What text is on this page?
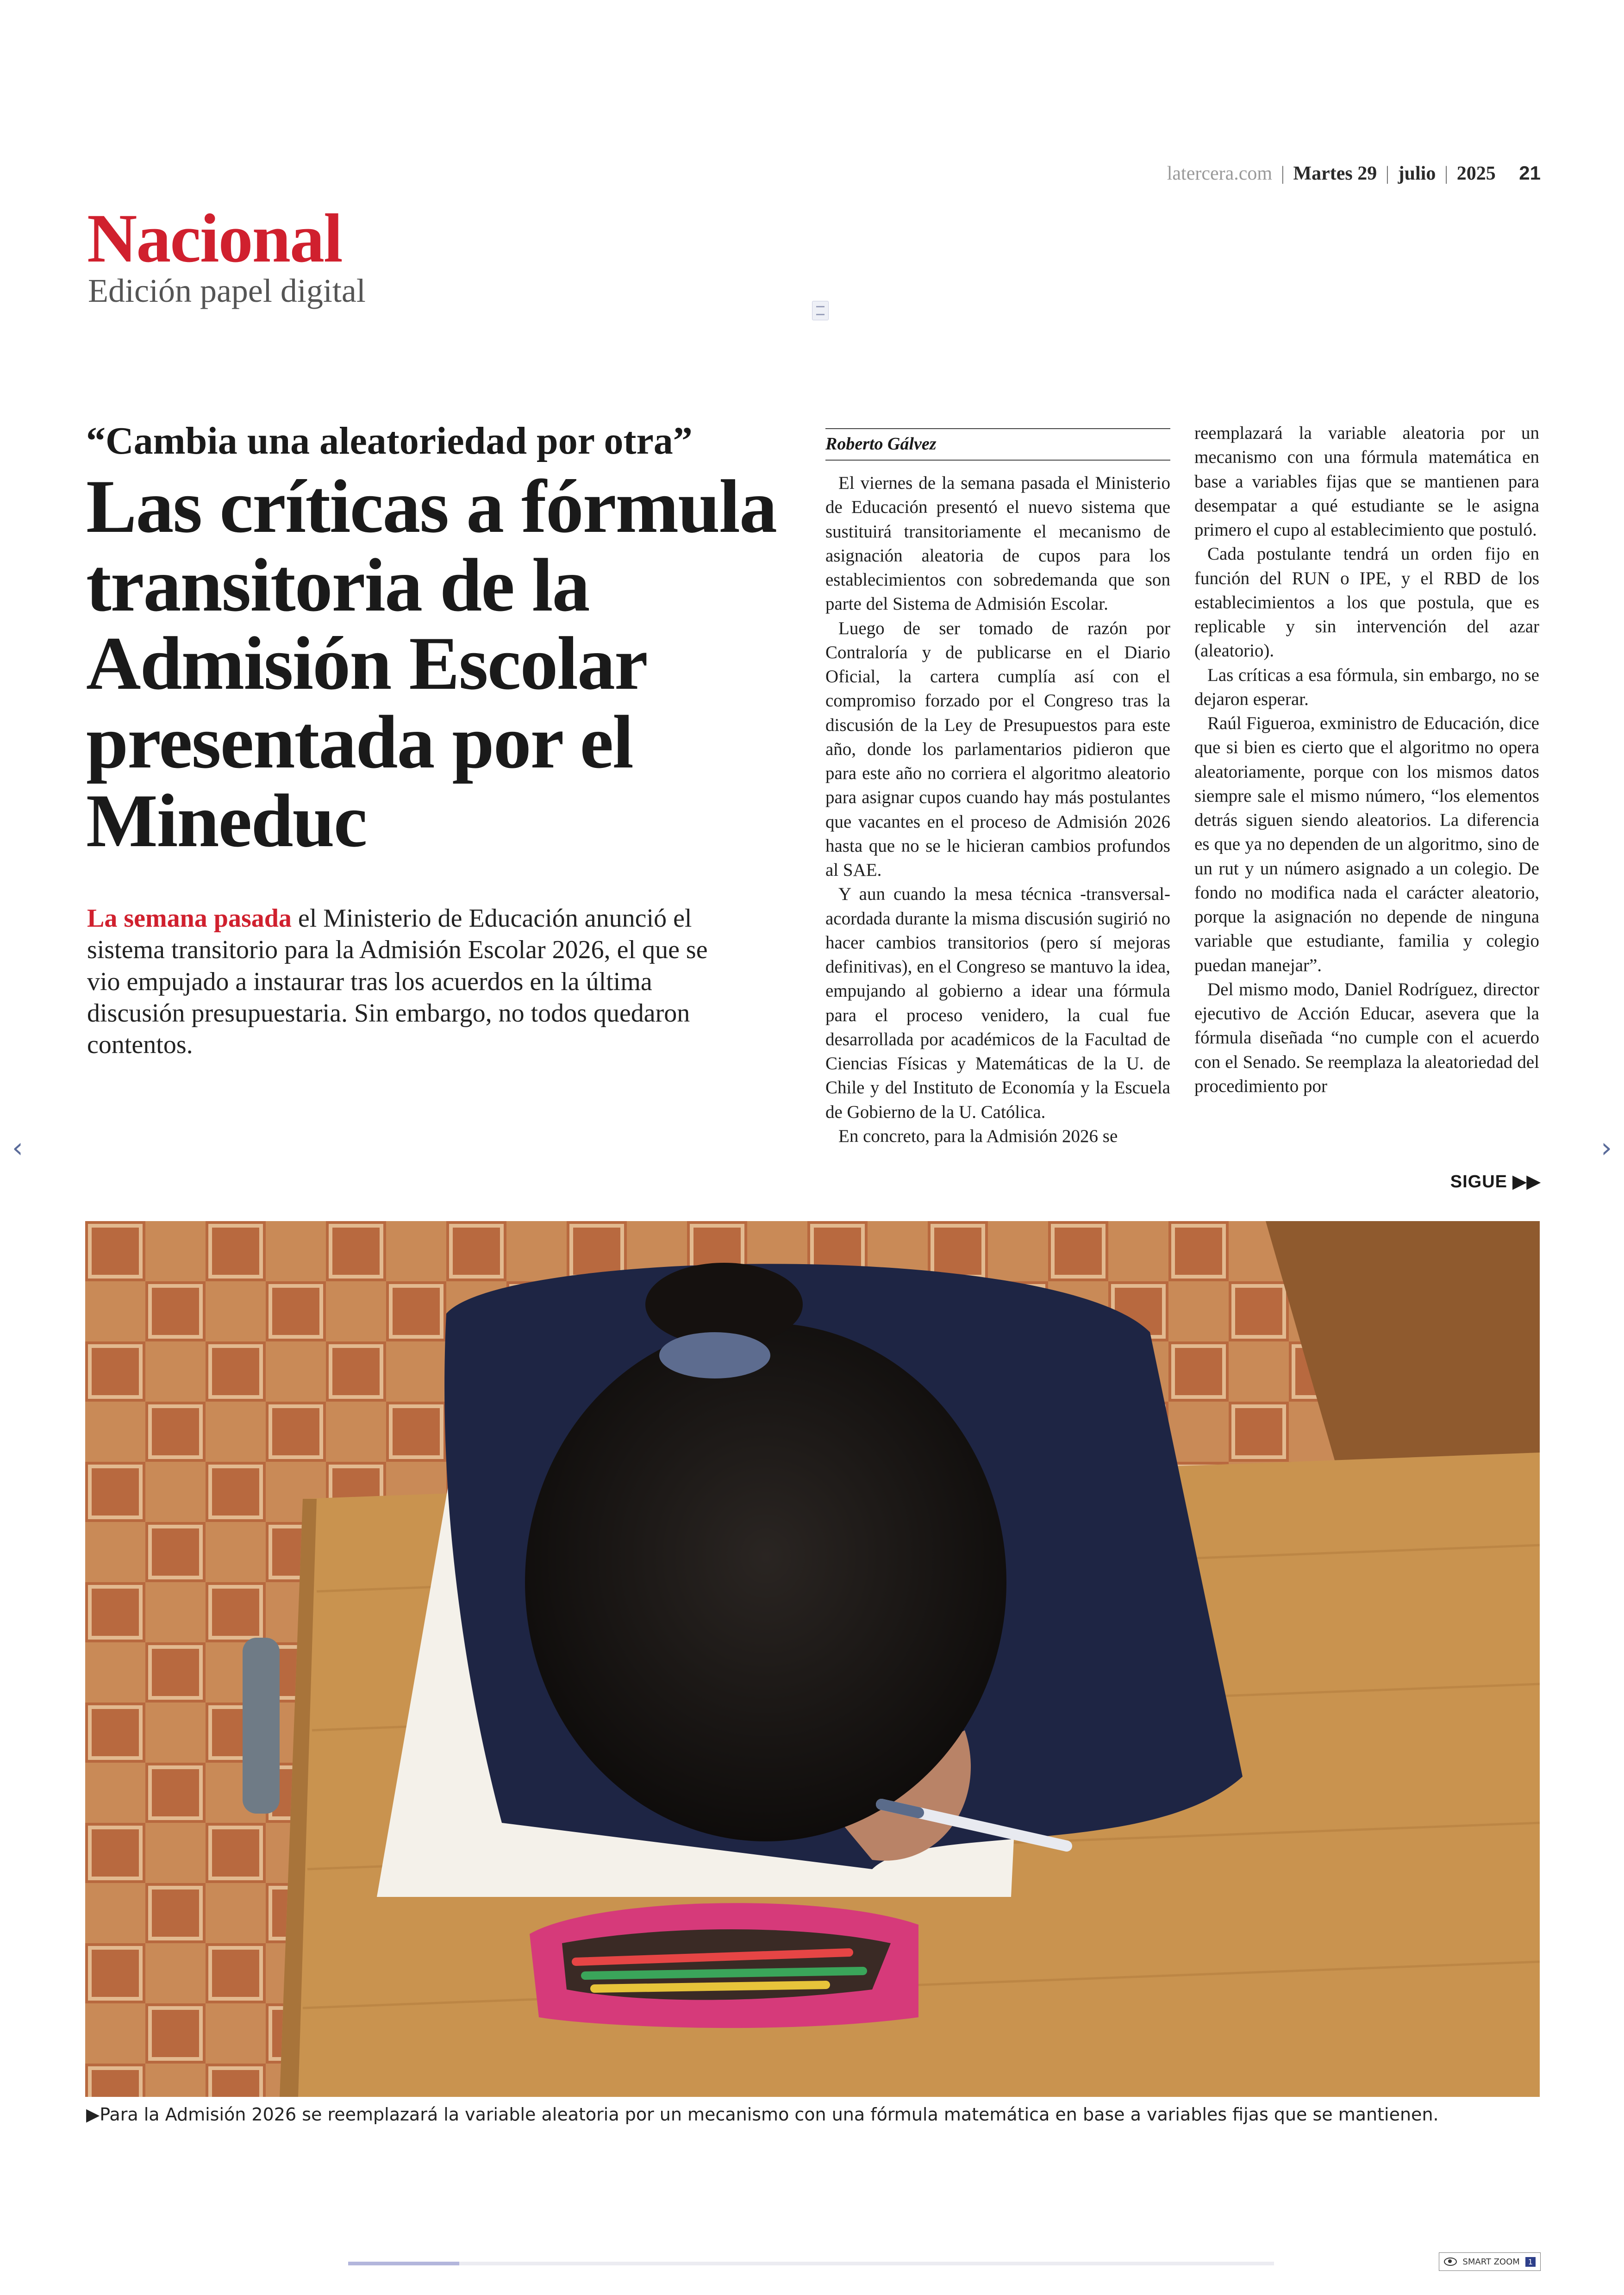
latercera.com | Martes 29 | julio | 2025 21
Nacional
Edición papel digital
“Cambia una aleatoriedad por otra”
Las críticas a fórmula transitoria de la Admisión Escolar presentada por el Mineduc
La semana pasada el Ministerio de Educación anunció el sistema transitorio para la Admisión Escolar 2026, el que se vio empujado a instaurar tras los acuerdos en la última discusión presupuestaria. Sin embargo, no todos quedaron contentos.
Roberto Gálvez

El viernes de la semana pasada el Ministerio de Educación presentó el nuevo sistema que sustituirá transitoriamente el mecanismo de asignación aleatoria de cupos para los establecimientos con sobredemanda que son parte del Sistema de Admisión Escolar.

Luego de ser tomado de razón por Contraloría y de publicarse en el Diario Oficial, la cartera cumplía así con el compromiso forzado por el Congreso tras la discusión de la Ley de Presupuestos para este año, donde los parlamentarios pidieron que para este año no corriera el algoritmo aleatorio para asignar cupos cuando hay más postulantes que vacantes en el proceso de Admisión 2026 hasta que no se le hicieran cambios profundos al SAE.

Y aun cuando la mesa técnica -transversal- acordada durante la misma discusión sugirió no hacer cambios transitorios (pero sí mejoras definitivas), en el Congreso se mantuvo la idea, empujando al gobierno a idear una fórmula para el proceso venidero, la cual fue desarrollada por académicos de la Facultad de Ciencias Físicas y Matemáticas de la U. de Chile y del Instituto de Economía y la Escuela de Gobierno de la U. Católica.

En concreto, para la Admisión 2026 se

reemplazará la variable aleatoria por un mecanismo con una fórmula matemática en base a variables fijas que se mantienen para desempatar a qué estudiante se le asigna primero el cupo al establecimiento que postuló.

Cada postulante tendrá un orden fijo en función del RUN o IPE, y el RBD de los establecimientos a los que postula, que es replicable y sin intervención del azar (aleatorio).

Las críticas a esa fórmula, sin embargo, no se dejaron esperar.

Raúl Figueroa, exministro de Educación, dice que si bien es cierto que el algoritmo no opera aleatoriamente, porque con los mismos datos siempre sale el mismo número, “los elementos detrás siguen siendo aleatorios. La diferencia es que ya no dependen de un algoritmo, sino de un rut y un número asignado a un colegio. De fondo no modifica nada el carácter aleatorio, porque la asignación no depende de ninguna variable que estudiante, familia y colegio puedan manejar”.

Del mismo modo, Daniel Rodríguez, director ejecutivo de Acción Educar, asevera que la fórmula diseñada “no cumple con el acuerdo con el Senado. Se reemplaza la aleatoriedad del procedimiento por

SIGUE ▶▶
▶Para la Admisión 2026 se reemplazará la variable aleatoria por un mecanismo con una fórmula matemática en base a variables fijas que se mantienen.
‹	›
SMART ZOOM	1
